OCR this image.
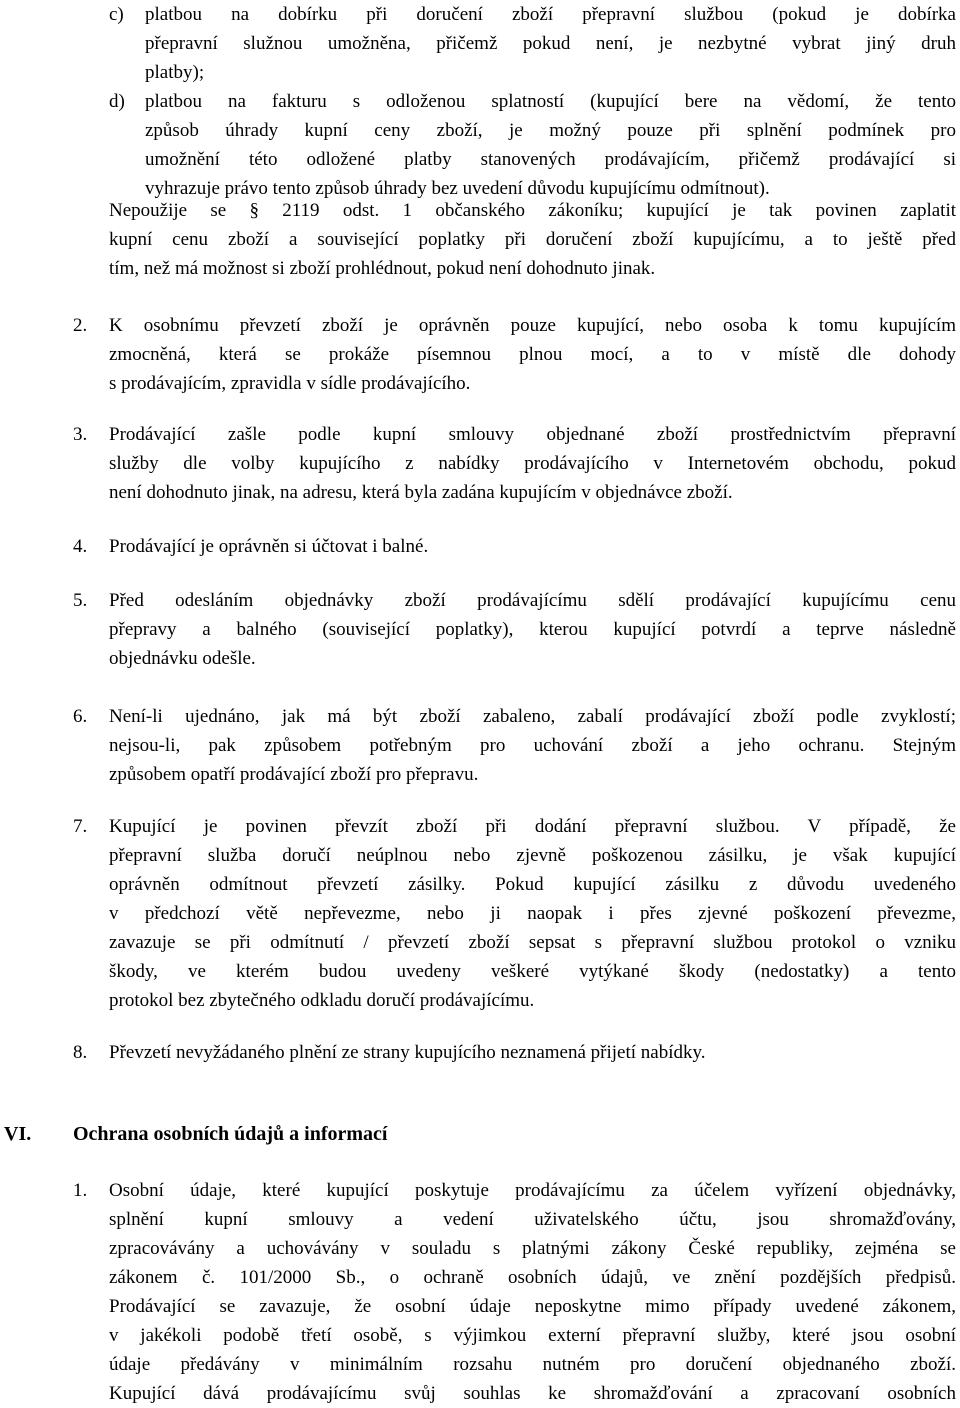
c) platbou na dobírku při doručení zboží přepravní službou (pokud je dobírka
přepravní služnou umožněna, přičemž pokud není, je nezbytné vybrat jiný druh
platby);
d) platbou na fakturu s odloženou splatností (kupující bere na vědomí, že tento
způsob úhrady kupní ceny zboží, je možný pouze při splnění podmínek pro
umožnění této odložené platby stanovených prodávajícím, přičemž prodávající si
vyhrazuje právo tento způsob úhrady bez uvedení důvodu kupujícímu odmítnout).
Nepoužije se § 2119 odst. 1 občanského zákoníku; kupující je tak povinen zaplatit
kupní cenu zboží a související poplatky při doručení zboží kupujícímu, a to ještě před
tím, než má možnost si zboží prohlédnout, pokud není dohodnuto jinak.
2. K osobnímu převzetí zboží je oprávněn pouze kupující, nebo osoba k tomu kupujícím
zmocněná, která se prokáže písemnou plnou mocí, a to v místě dle dohody
s prodávajícím, zpravidla v sídle prodávajícího.
3. Prodávající zašle podle kupní smlouvy objednané zboží prostřednictvím přepravní
služby dle volby kupujícího z nabídky prodávajícího v Internetovém obchodu, pokud
není dohodnuto jinak, na adresu, která byla zadána kupujícím v objednávce zboží.
4. Prodávající je oprávněn si účtovat i balné.
5. Před odesláním objednávky zboží prodávajícímu sdělí prodávající kupujícímu cenu
přepravy a balného (související poplatky), kterou kupující potvrdí a teprve následně
objednávku odešle.
6. Není-li ujednáno, jak má být zboží zabaleno, zabalí prodávající zboží podle zvyklostí;
nejsou-li, pak způsobem potřebným pro uchování zboží a jeho ochranu. Stejným
způsobem opatří prodávající zboží pro přepravu.
7. Kupující je povinen převzít zboží při dodání přepravní službou. V případě, že
přepravní služba doručí neúplnou nebo zjevně poškozenou zásilku, je však kupující
oprávněn odmítnout převzetí zásilky. Pokud kupující zásilku z důvodu uvedeného
v předchozí větě nepřevezme, nebo ji naopak i přes zjevné poškození převezme,
zavazuje se při odmítnutí / převzetí zboží sepsat s přepravní službou protokol o vzniku
škody, ve kterém budou uvedeny veškeré vytýkané škody (nedostatky) a tento
protokol bez zbytečného odkladu doručí prodávajícímu.
8. Převzetí nevyžádaného plnění ze strany kupujícího neznamená přijetí nabídky.
VI. Ochrana osobních údajů a informací
1. Osobní údaje, které kupující poskytuje prodávajícímu za účelem vyřízení objednávky,
splnění kupní smlouvy a vedení uživatelského účtu, jsou shromažďovány,
zpracovávány a uchovávány v souladu s platnými zákony České republiky, zejména se
zákonem č. 101/2000 Sb., o ochraně osobních údajů, ve znění pozdějších předpisů.
Prodávající se zavazuje, že osobní údaje neposkytne mimo případy uvedené zákonem,
v jakékoli podobě třetí osobě, s výjimkou externí přepravní služby, které jsou osobní
údaje předávány v minimálním rozsahu nutném pro doručení objednaného zboží.
Kupující dává prodávajícímu svůj souhlas ke shromažďování a zpracovaní osobních
